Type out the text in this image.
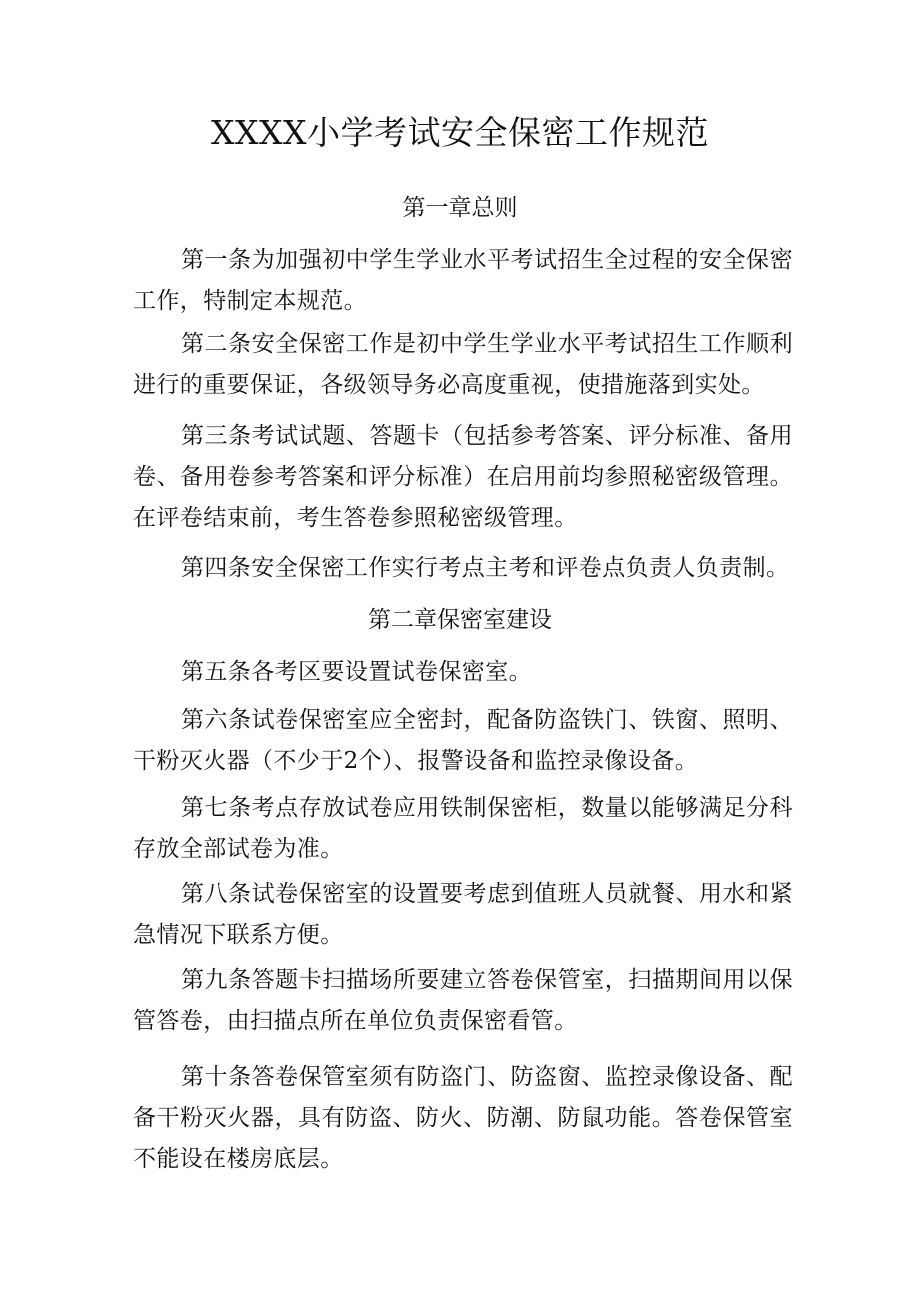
XXXX小学考试安全保密工作规范
第一章总则

第一条为加强初中学生学业水平考试招生全过程的安全保密工作，特制定本规范。

第二条安全保密工作是初中学生学业水平考试招生工作顺利进行的重要保证，各级领导务必高度重视，使措施落到实处。

第三条考试试题、答题卡（包括参考答案、评分标准、备用卷、备用卷参考答案和评分标准）在启用前均参照秘密级管理。在评卷结束前，考生答卷参照秘密级管理。

第四条安全保密工作实行考点主考和评卷点负责人负责制。

第二章保密室建设

第五条各考区要设置试卷保密室。

第六条试卷保密室应全密封，配备防盗铁门、铁窗、照明、干粉灭火器（不少于2个）、报警设备和监控录像设备。

第七条考点存放试卷应用铁制保密柜，数量以能够满足分科存放全部试卷为准。

第八条试卷保密室的设置要考虑到值班人员就餐、用水和紧急情况下联系方便。

第九条答题卡扫描场所要建立答卷保管室，扫描期间用以保管答卷，由扫描点所在单位负责保密看管。

第十条答卷保管室须有防盗门、防盗窗、监控录像设备、配备干粉灭火器，具有防盗、防火、防潮、防鼠功能。答卷保管室不能设在楼房底层。
